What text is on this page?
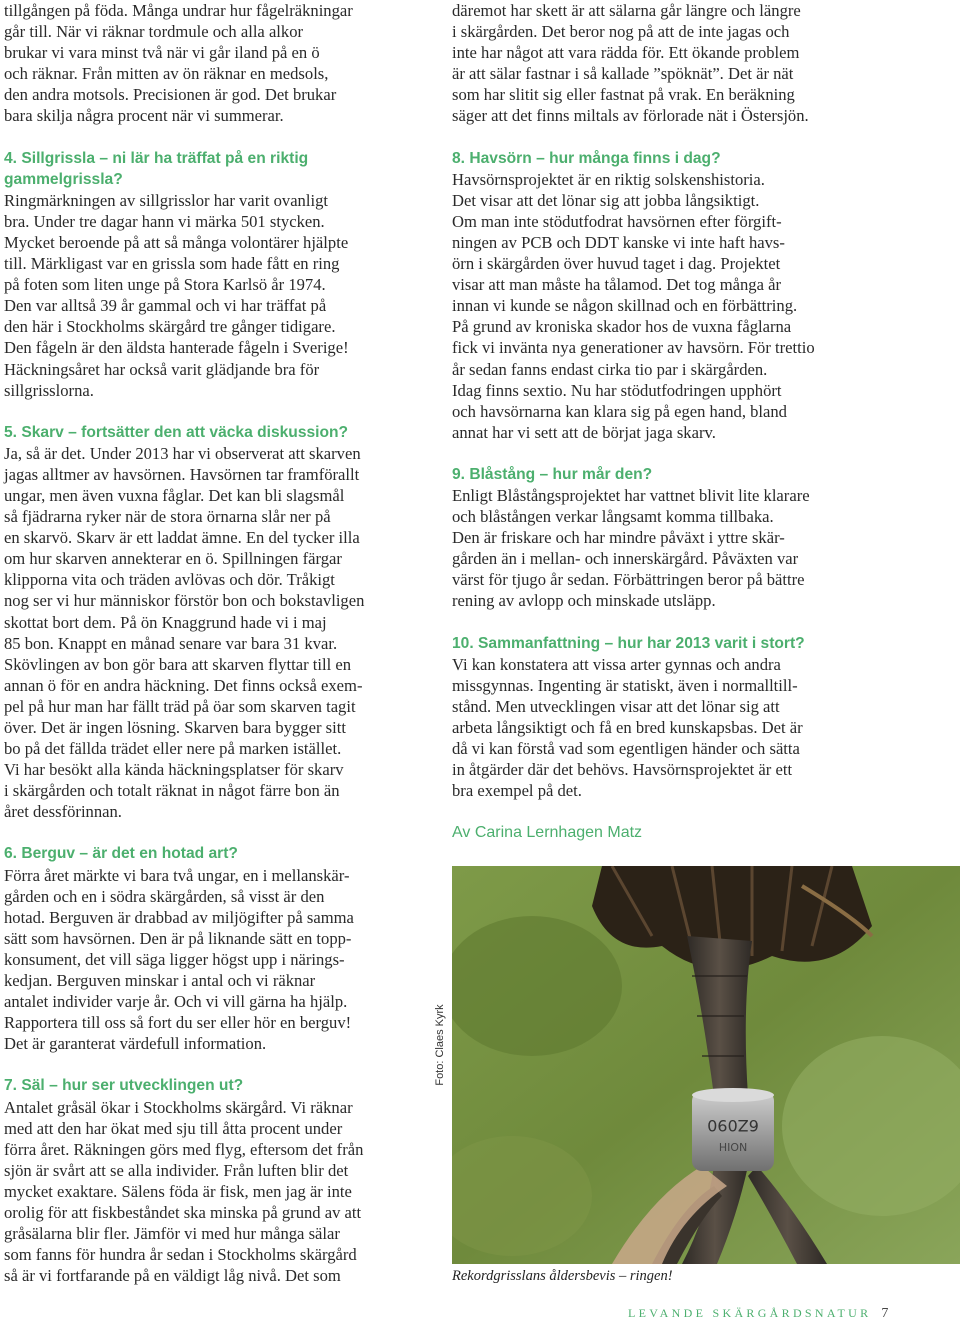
tillgången på föda. Många undrar hur fågelräkningar
går till. När vi räknar tordmule och alla alkor
brukar vi vara minst två när vi går iland på en ö
och räknar. Från mitten av ön räknar en medsols,
den andra motsols. Precisionen är god. Det brukar
bara skilja några procent när vi summerar.

4. Sillgrissla – ni lär ha träffat på en riktig
gammelgrissla?

Ringmärkningen av sillgrisslor har varit ovanligt
bra. Under tre dagar hann vi märka 501 stycken.
Mycket beroende på att så många volontärer hjälpte
till. Märkligast var en grissla som hade fått en ring
på foten som liten unge på Stora Karlsö år 1974.
Den var alltså 39 år gammal och vi har träffat på
den här i Stockholms skärgård tre gånger tidigare.
Den fågeln är den äldsta hanterade fågeln i Sverige!
Häckningsåret har också varit glädjande bra för
sillgrisslorna.

5. Skarv – fortsätter den att väcka diskussion?

Ja, så är det. Under 2013 har vi observerat att skarven
jagas alltmer av havsörnen. Havsörnen tar framförallt
ungar, men även vuxna fåglar. Det kan bli slagsmål
så fjädrarna ryker när de stora örnarna slår ner på
en skarvö. Skarv är ett laddat ämne. En del tycker illa
om hur skarven annekterar en ö. Spillningen färgar
klipporna vita och träden avlövas och dör. Tråkigt
nog ser vi hur människor förstör bon och bokstavligen
skottat bort dem. På ön Knaggrund hade vi i maj
85 bon. Knappt en månad senare var bara 31 kvar.
Skövlingen av bon gör bara att skarven flyttar till en
annan ö för en andra häckning. Det finns också exem-
pel på hur man har fällt träd på öar som skarven tagit
över. Det är ingen lösning. Skarven bara bygger sitt
bo på det fällda trädet eller nere på marken istället.
Vi har besökt alla kända häckningsplatser för skarv
i skärgården och totalt räknat in något färre bon än
året dessförinnan.

6. Berguv – är det en hotad art?

Förra året märkte vi bara två ungar, en i mellanskär-
gården och en i södra skärgården, så visst är den
hotad. Berguven är drabbad av miljögifter på samma
sätt som havsörnen. Den är på liknande sätt en topp-
konsument, det vill säga ligger högst upp i närings-
kedjan. Berguven minskar i antal och vi räknar
antalet individer varje år. Och vi vill gärna ha hjälp.
Rapportera till oss så fort du ser eller hör en berguv!
Det är garanterat värdefull information.

7. Säl – hur ser utvecklingen ut?

Antalet gråsäl ökar i Stockholms skärgård. Vi räknar
med att den har ökat med sju till åtta procent under
förra året. Räkningen görs med flyg, eftersom det från
sjön är svårt att se alla individer. Från luften blir det
mycket exaktare. Sälens föda är fisk, men jag är inte
orolig för att fiskbeståndet ska minska på grund av att
gråsälarna blir fler. Jämför vi med hur många sälar
som fanns för hundra år sedan i Stockholms skärgård
så är vi fortfarande på en väldigt låg nivå. Det som

däremot har skett är att sälarna går längre och längre
i skärgården. Det beror nog på att de inte jagas och
inte har något att vara rädda för. Ett ökande problem
är att sälar fastnar i så kallade ”spöknät”. Det är nät
som har slitit sig eller fastnat på vrak. En beräkning
säger att det finns miltals av förlorade nät i Östersjön.

8. Havsörn – hur många finns i dag?

Havsörnsprojektet är en riktig solskenshistoria.
Det visar att det lönar sig att jobba långsiktigt.
Om man inte stödutfodrat havsörnen efter förgift-
ningen av PCB och DDT kanske vi inte haft havs-
örn i skärgården över huvud taget i dag. Projektet
visar att man måste ha tålamod. Det tog många år
innan vi kunde se någon skillnad och en förbättring.
På grund av kroniska skador hos de vuxna fåglarna
fick vi invänta nya generationer av havsörn. För trettio
år sedan fanns endast cirka tio par i skärgården.
Idag finns sextio. Nu har stödutfodringen upphört
och havsörnarna kan klara sig på egen hand, bland
annat har vi sett att de börjat jaga skarv.

9. Blåstång – hur mår den?

Enligt Blåstångsprojektet har vattnet blivit lite klarare
och blåstången verkar långsamt komma tillbaka.
Den är friskare och har mindre påväxt i yttre skär-
gården än i mellan- och innerskärgård. Påväxten var
värst för tjugo år sedan. Förbättringen beror på bättre
rening av avlopp och minskade utsläpp.

10. Sammanfattning – hur har 2013 varit i stort?

Vi kan konstatera att vissa arter gynnas och andra
missgynnas. Ingenting är statiskt, även i normalltill-
stånd. Men utvecklingen visar att det lönar sig att
arbeta långsiktigt och få en bred kunskapsbas. Det är
då vi kan förstå vad som egentligen händer och sätta
in åtgärder där det behövs. Havsörnsprojektet är ett
bra exempel på det.

Av Carina Lernhagen Matz

Foto: Claes Kyrk
6Z090
NOIH
Rekordgrisslans åldersbevis – ringen!
LEVANDE SKÄRGÅRDSNATUR 7
